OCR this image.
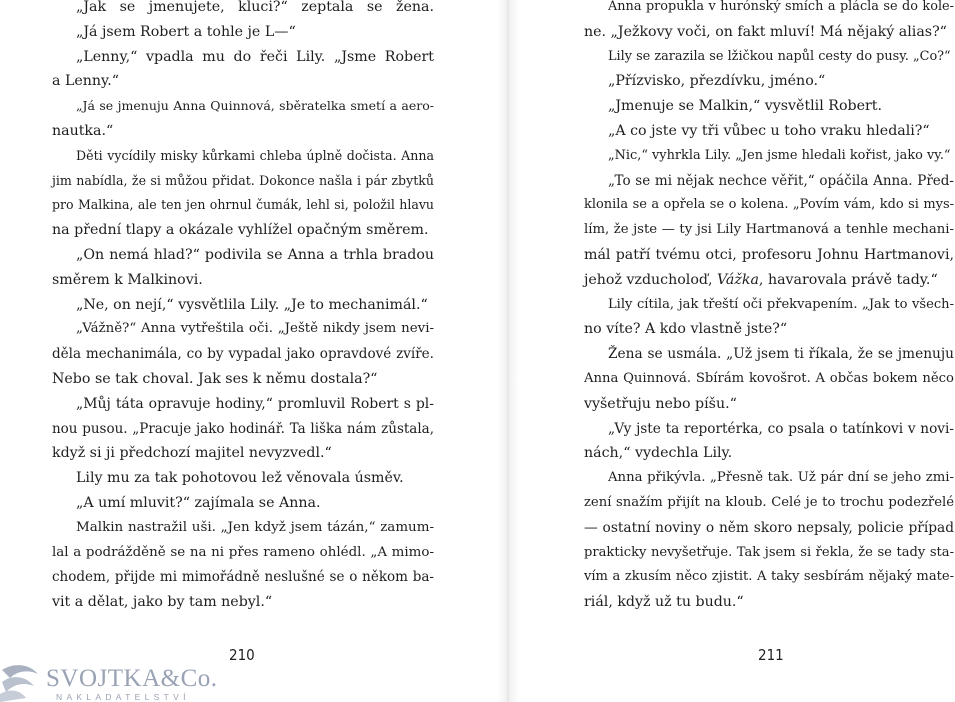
„Jak se jmenujete, kluci?“ zeptala se žena.
„Já jsem Robert a tohle je L—“
„Lenny,“ vpadla mu do řeči Lily. „Jsme Robert
a Lenny.“
„Já se jmenuju Anna Quinnová, sběratelka smetí a aero-
nautka.“
Děti vycídily misky kůrkami chleba úplně dočista. Anna
jim nabídla, že si můžou přidat. Dokonce našla i pár zbytků
pro Malkina, ale ten jen ohrnul čumák, lehl si, položil hlavu
na přední tlapy a okázale vyhlížel opačným směrem.
„On nemá hlad?“ podivila se Anna a trhla bradou
směrem k Malkinovi.
„Ne, on nejí,“ vysvětlila Lily. „Je to mechanimál.“
„Vážně?“ Anna vytřeštila oči. „Ještě nikdy jsem nevi-
děla mechanimála, co by vypadal jako opravdové zvíře.
Nebo se tak choval. Jak ses k němu dostala?“
„Můj táta opravuje hodiny,“ promluvil Robert s pl-
nou pusou. „Pracuje jako hodinář. Ta liška nám zůstala,
když si ji předchozí majitel nevyzvedl.“
Lily mu za tak pohotovou lež věnovala úsměv.
„A umí mluvit?“ zajímala se Anna.
Malkin nastražil uši. „Jen když jsem tázán,“ zamum-
lal a podrážděně se na ni přes rameno ohlédl. „A mimo-
chodem, přijde mi mimořádně neslušné se o někom ba-
vit a dělat, jako by tam nebyl.“
Anna propukla v hurónský smích a plácla se do kole-
ne. „Ježkovy voči, on fakt mluví! Má nějaký alias?“
Lily se zarazila se lžičkou napůl cesty do pusy. „Co?“
„Přízvisko, přezdívku, jméno.“
„Jmenuje se Malkin,“ vysvětlil Robert.
„A co jste vy tři vůbec u toho vraku hledali?“
„Nic,“ vyhrkla Lily. „Jen jsme hledali kořist, jako vy.“
„To se mi nějak nechce věřit,“ opáčila Anna. Před-
klonila se a opřela se o kolena. „Povím vám, kdo si mys-
lím, že jste — ty jsi Lily Hartmanová a tenhle mechani-
mál patří tvému otci, profesoru Johnu Hartmanovi,
jehož vzducholoď, Vážka, havarovala právě tady.“
Lily cítila, jak třeští oči překvapením. „Jak to všech-
no víte? A kdo vlastně jste?“
Žena se usmála. „Už jsem ti říkala, že se jmenuju
Anna Quinnová. Sbírám kovošrot. A občas bokem něco
vyšetřuju nebo píšu.“
„Vy jste ta reportérka, co psala o tatínkovi v novi-
nách,“ vydechla Lily.
Anna přikývla. „Přesně tak. Už pár dní se jeho zmi-
zení snažím přijít na kloub. Celé je to trochu podezřelé
— ostatní noviny o něm skoro nepsaly, policie případ
prakticky nevyšetřuje. Tak jsem si řekla, že se tady sta-
vím a zkusím něco zjistit. A taky sesbírám nějaký mate-
riál, když už tu budu.“
210	211
SVOJTKA&Co.
NAKLADATELSTVÍ
